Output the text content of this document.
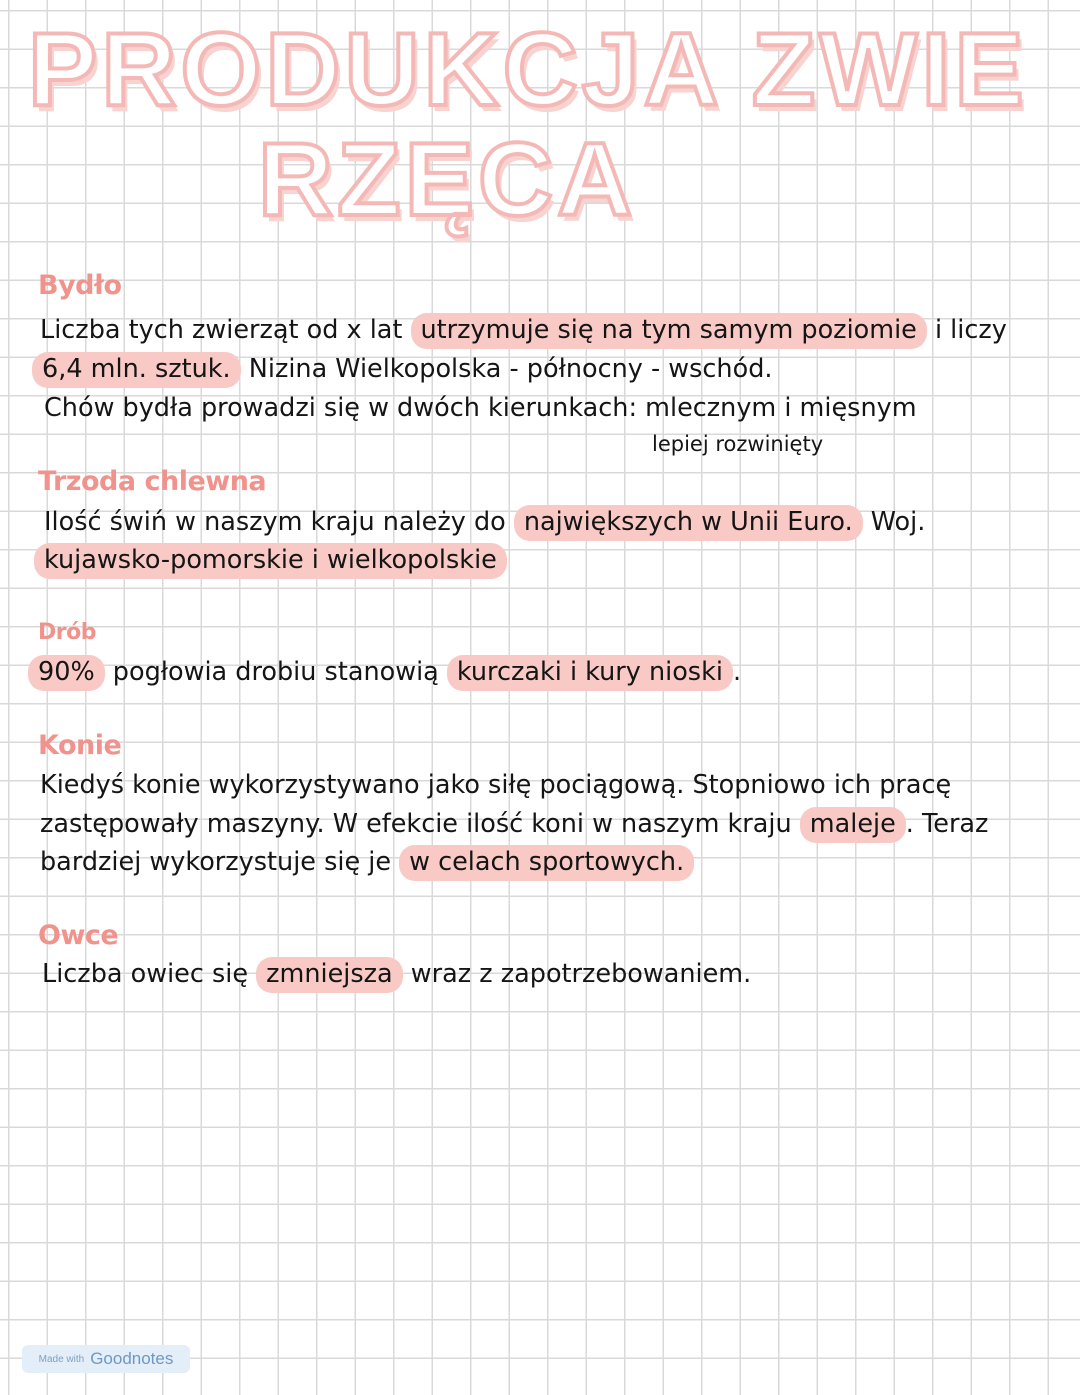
PRODUKCJA ZWIE
RZĘCA
Bydło

Liczba tych zwierząt od x lat utrzymuje się na tym samym poziomie i liczy

6,4 mln. sztuk. Nizina Wielkopolska - północny - wschód.

Chów bydła prowadzi się w dwóch kierunkach: mlecznym i mięsnym

lepiej rozwinięty

Trzoda chlewna

Ilość świń w naszym kraju należy do największych w Unii Euro. Woj.

kujawsko-pomorskie i wielkopolskie

Drób

90% pogłowia drobiu stanowią kurczaki i kury nioski .

Konie

Kiedyś konie wykorzystywano jako siłę pociągową. Stopniowo ich pracę

zastępowały maszyny. W efekcie ilość koni w naszym kraju maleje . Teraz

bardziej wykorzystuje się je w celach sportowych.

Owce

Liczba owiec się zmniejsza wraz z zapotrzebowaniem.

Made with Goodnotes
